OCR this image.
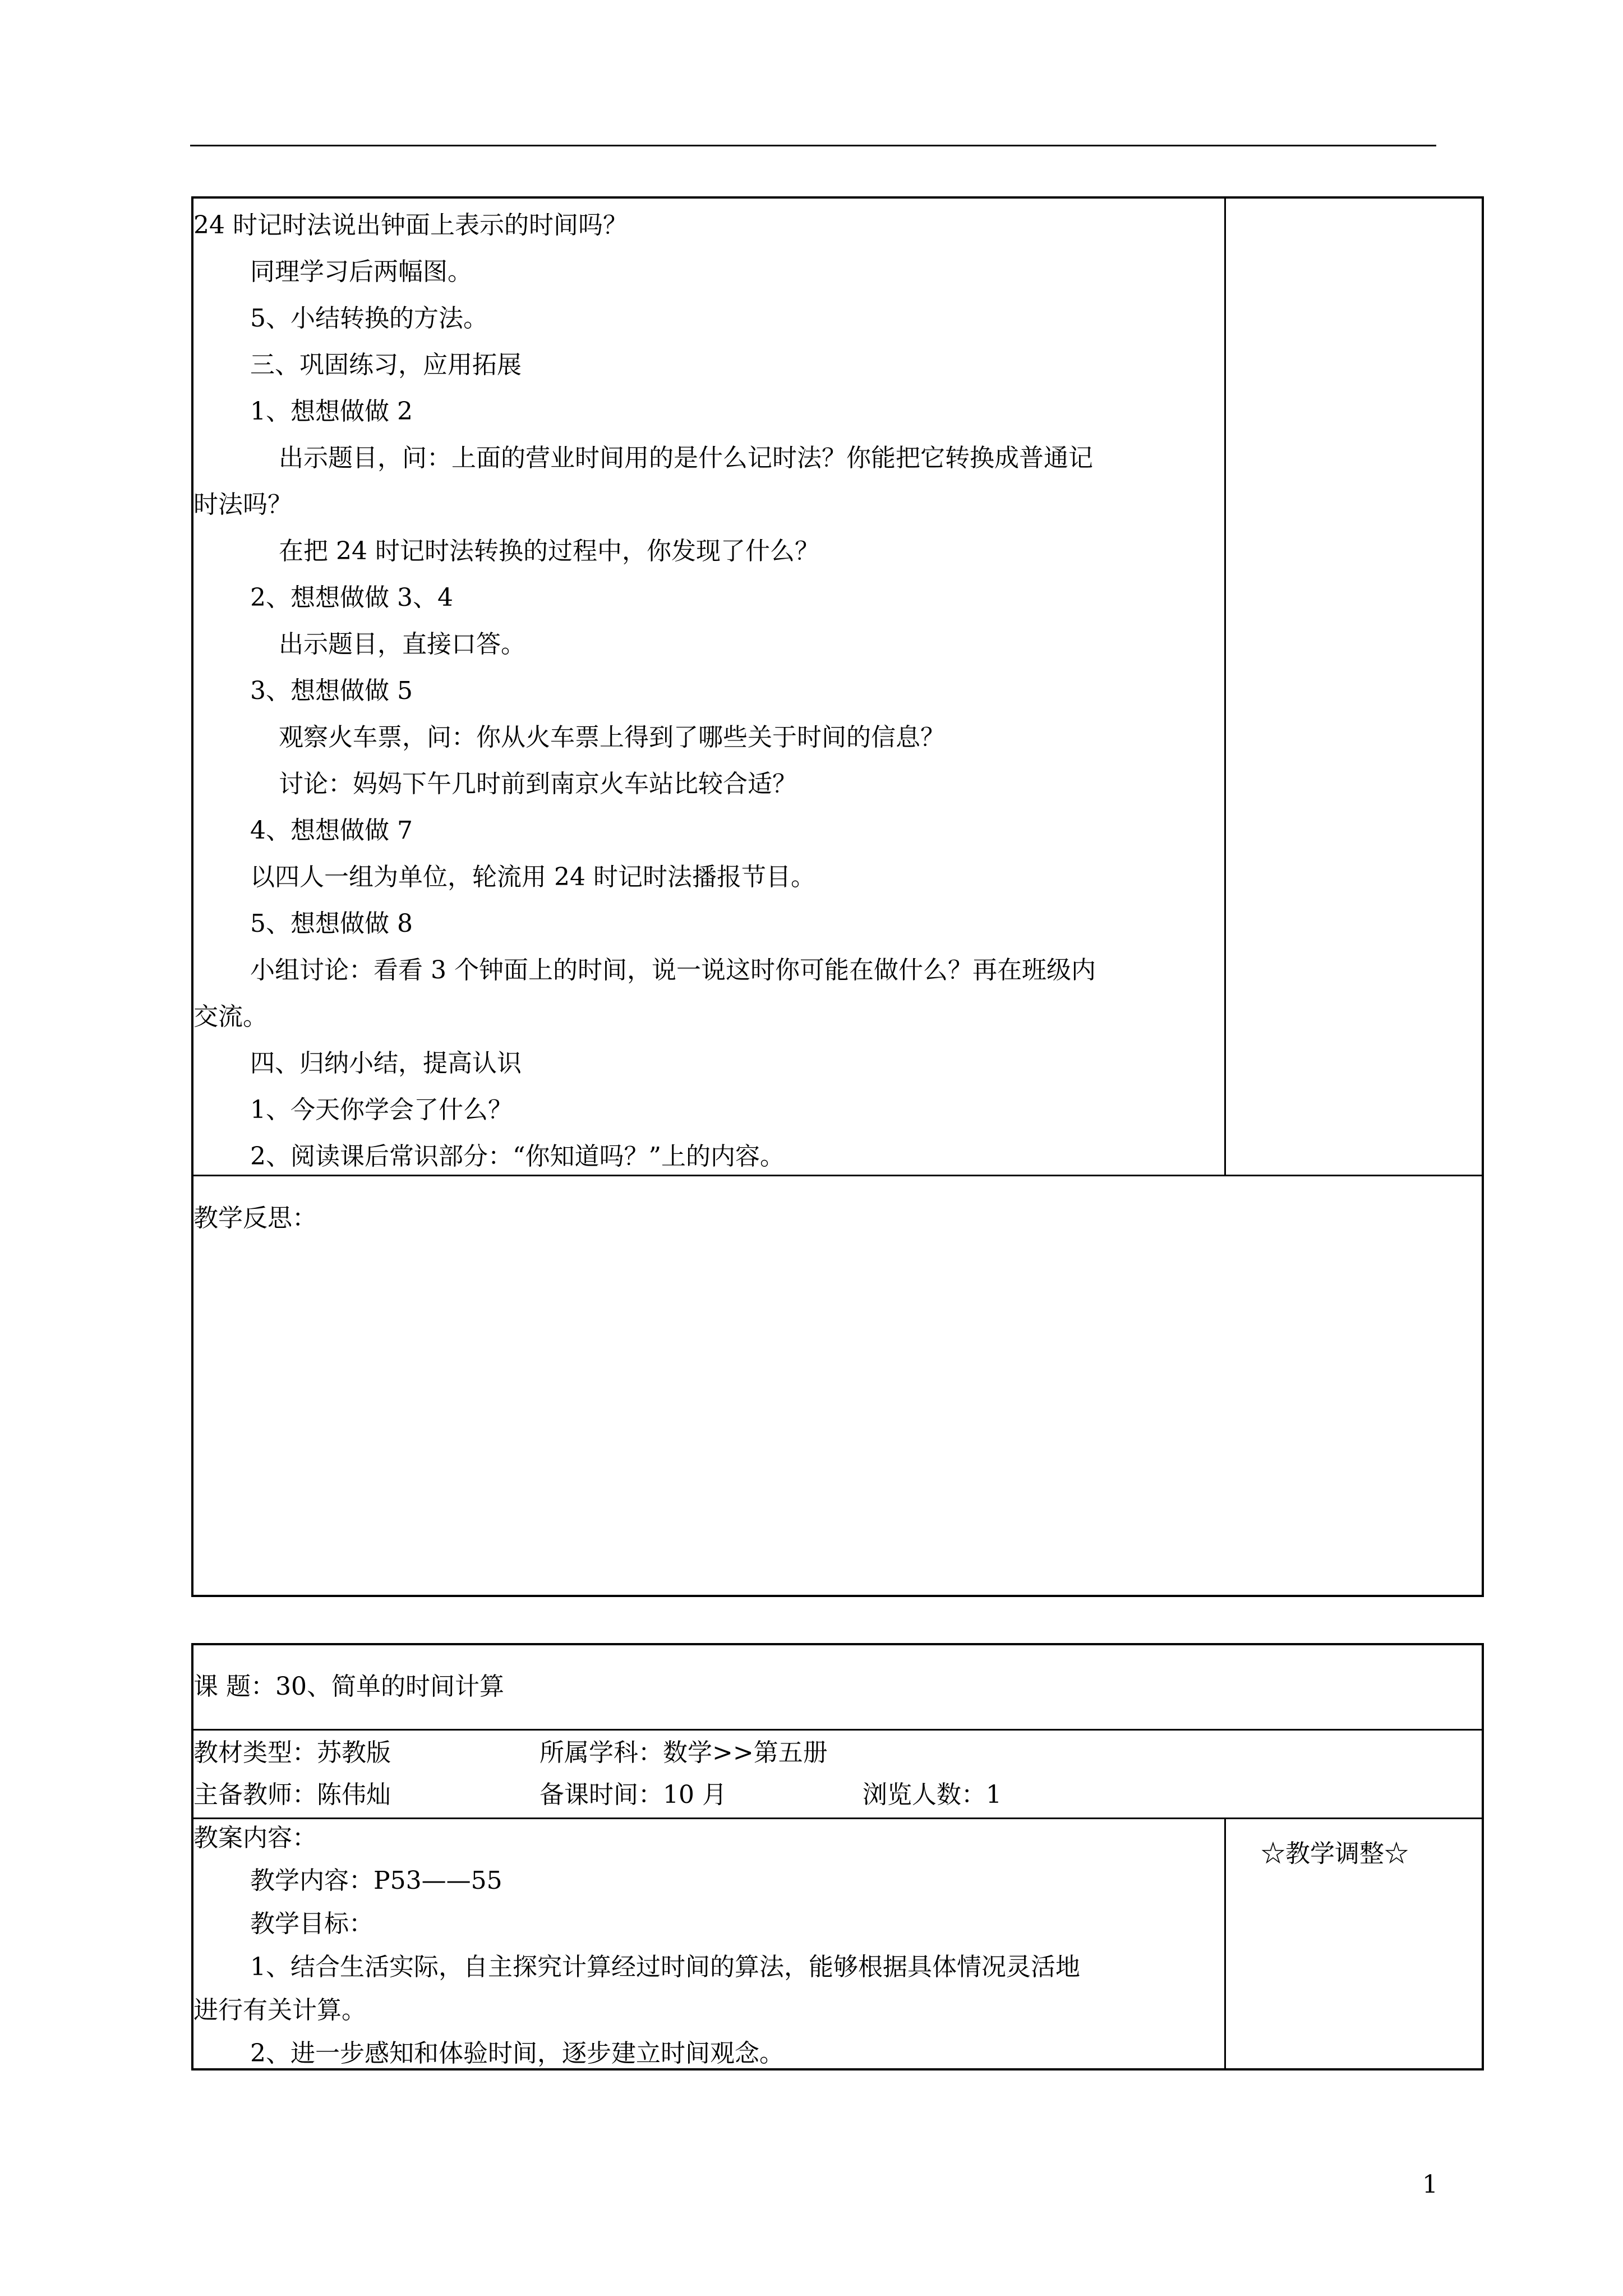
24 时记时法说出钟面上表示的时间吗？
同理学习后两幅图。
5、小结转换的方法。
三、巩固练习，应用拓展
1、想想做做 2
出示题目，问：上面的营业时间用的是什么记时法？你能把它转换成普通记
时法吗？
在把 24 时记时法转换的过程中，你发现了什么？
2、想想做做 3、4
出示题目，直接口答。
3、想想做做 5
观察火车票，问：你从火车票上得到了哪些关于时间的信息？
讨论：妈妈下午几时前到南京火车站比较合适？
4、想想做做 7
以四人一组为单位，轮流用 24 时记时法播报节目。
5、想想做做 8
小组讨论：看看 3 个钟面上的时间，说一说这时你可能在做什么？再在班级内
交流。
四、归纳小结，提高认识
1、今天你学会了什么？
2、阅读课后常识部分：“你知道吗？”上的内容。
教学反思：
课 题：30、简单的时间计算
教材类型：苏教版	所属学科：数学>>第五册
主备教师：陈伟灿	备课时间：10 月	浏览人数：1
教案内容：
☆教学调整☆
教学内容：P53——55
教学目标：
1、结合生活实际，自主探究计算经过时间的算法，能够根据具体情况灵活地
进行有关计算。
2、进一步感知和体验时间，逐步建立时间观念。
1
